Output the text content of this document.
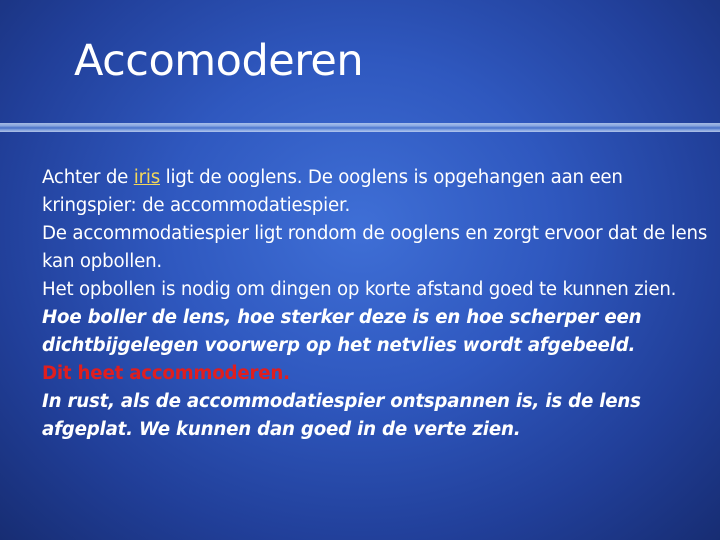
Accomoderen

Achter de iris ligt de ooglens. De ooglens is opgehangen aan een kringspier: de accommodatiespier.

De accommodatiespier ligt rondom de ooglens en zorgt ervoor dat de lens kan opbollen.

Het opbollen is nodig om dingen op korte afstand goed te kunnen zien.

Hoe boller de lens, hoe sterker deze is en hoe scherper een dichtbijgelegen voorwerp op het netvlies wordt afgebeeld.

Dit heet accommoderen.

In rust, als de accommodatiespier ontspannen is, is de lens afgeplat. We kunnen dan goed in de verte zien.
